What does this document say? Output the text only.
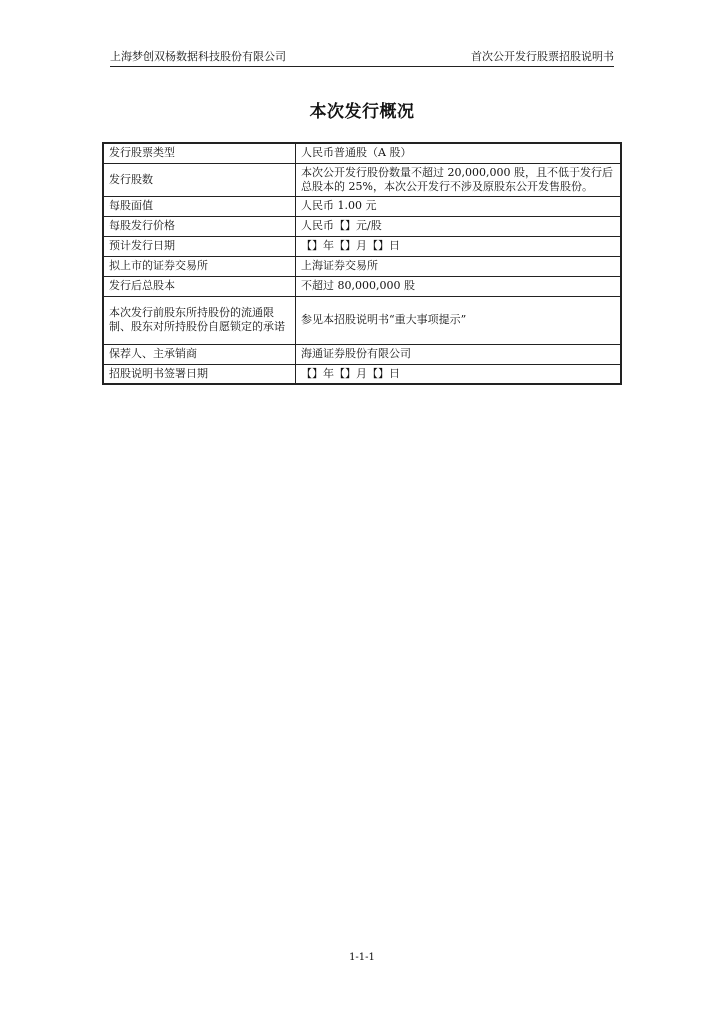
上海梦创双杨数据科技股份有限公司	首次公开发行股票招股说明书
本次发行概况
发行股票类型	人民币普通股（A 股）
发行股数	本次公开发行股份数量不超过 20,000,000 股，且不低于发行后总股本的 25%，本次公开发行不涉及原股东公开发售股份。
每股面值	人民币 1.00 元
每股发行价格	人民币【】元/股
预计发行日期	【】年【】月【】日
拟上市的证券交易所	上海证券交易所
发行后总股本	不超过 80,000,000 股
本次发行前股东所持股份的流通限制、股东对所持股份自愿锁定的承诺	参见本招股说明书“重大事项提示”
保荐人、主承销商	海通证券股份有限公司
招股说明书签署日期	【】年【】月【】日
1-1-1
